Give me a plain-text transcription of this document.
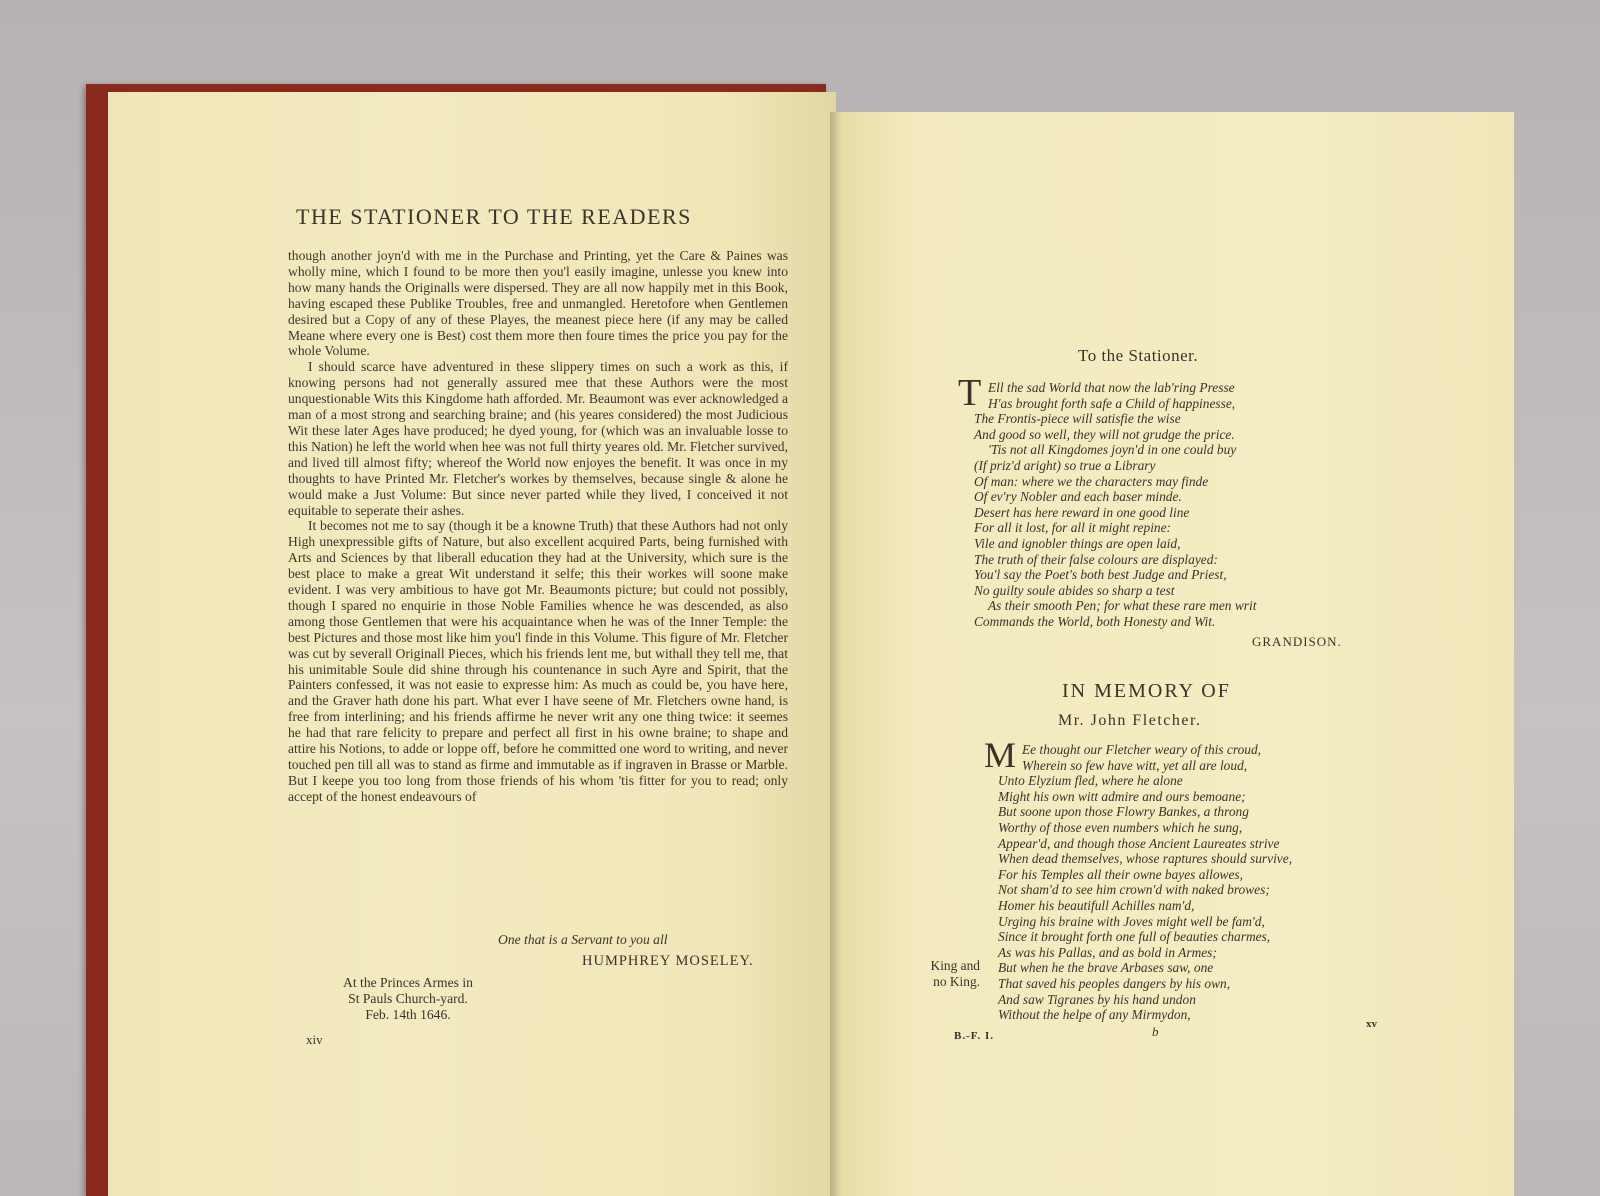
THE STATIONER TO THE READERS

though another joyn'd with me in the Purchase and Printing, yet the Care & Paines was wholly mine, which I found to be more then you'l easily imagine, unlesse you knew into how many hands the Originalls were dispersed. They are all now happily met in this Book, having escaped these Publike Troubles, free and unmangled. Heretofore when Gentlemen desired but a Copy of any of these Playes, the meanest piece here (if any may be called Meane where every one is Best) cost them more then foure times the price you pay for the whole Volume.

I should scarce have adventured in these slippery times on such a work as this, if knowing persons had not generally assured mee that these Authors were the most unquestionable Wits this Kingdome hath afforded. Mr. Beaumont was ever acknowledged a man of a most strong and searching braine; and (his yeares considered) the most Judicious Wit these later Ages have produced; he dyed young, for (which was an invaluable losse to this Nation) he left the world when hee was not full thirty yeares old. Mr. Fletcher survived, and lived till almost fifty; whereof the World now enjoyes the benefit. It was once in my thoughts to have Printed Mr. Fletcher's workes by themselves, because single & alone he would make a Just Volume: But since never parted while they lived, I conceived it not equitable to seperate their ashes.

It becomes not me to say (though it be a knowne Truth) that these Authors had not only High unexpressible gifts of Nature, but also excellent acquired Parts, being furnished with Arts and Sciences by that liberall education they had at the University, which sure is the best place to make a great Wit understand it selfe; this their workes will soone make evident. I was very ambitious to have got Mr. Beaumonts picture; but could not possibly, though I spared no enquirie in those Noble Families whence he was descended, as also among those Gentlemen that were his acquaintance when he was of the Inner Temple: the best Pictures and those most like him you'l finde in this Volume. This figure of Mr. Fletcher was cut by severall Originall Pieces, which his friends lent me, but withall they tell me, that his unimitable Soule did shine through his countenance in such Ayre and Spirit, that the Painters confessed, it was not easie to expresse him: As much as could be, you have here, and the Graver hath done his part. What ever I have seene of Mr. Fletchers owne hand, is free from interlining; and his friends affirme he never writ any one thing twice: it seemes he had that rare felicity to prepare and perfect all first in his owne braine; to shape and attire his Notions, to adde or loppe off, before he committed one word to writing, and never touched pen till all was to stand as firme and immutable as if ingraven in Brasse or Marble. But I keepe you too long from those friends of his whom 'tis fitter for you to read; only accept of the honest endeavours of

One that is a Servant to you all
HUMPHREY MOSELEY.
At the Princes Armes in
St Pauls Church-yard.
Feb. 14th 1646.
xiv
To the Stationer.
T Ell the sad World that now the lab'ring Presse
H'as brought forth safe a Child of happinesse,
The Frontis-piece will satisfie the wise
And good so well, they will not grudge the price.
'Tis not all Kingdomes joyn'd in one could buy
(If priz'd aright) so true a Library
Of man: where we the characters may finde
Of ev'ry Nobler and each baser minde.
Desert has here reward in one good line
For all it lost, for all it might repine:
Vile and ignobler things are open laid,
The truth of their false colours are displayed:
You'l say the Poet's both best Judge and Priest,
No guilty soule abides so sharp a test
As their smooth Pen; for what these rare men writ
Commands the World, both Honesty and Wit.
GRANDISON.
IN MEMORY OF
Mr. John Fletcher.
M Ee thought our Fletcher weary of this croud,
Wherein so few have witt, yet all are loud,
Unto Elyzium fled, where he alone
Might his own witt admire and ours bemoane;
But soone upon those Flowry Bankes, a throng
Worthy of those even numbers which he sung,
Appear'd, and though those Ancient Laureates strive
When dead themselves, whose raptures should survive,
For his Temples all their owne bayes allowes,
Not sham'd to see him crown'd with naked browes;
Homer his beautifull Achilles nam'd,
Urging his braine with Joves might well be fam'd,
Since it brought forth one full of beauties charmes,
As was his Pallas, and as bold in Armes;
But when he the brave Arbases saw, one
That saved his peoples dangers by his own,
And saw Tigranes by his hand undon
Without the helpe of any Mirmydon,
King and
no King.
B.-F. I.	b	xv
